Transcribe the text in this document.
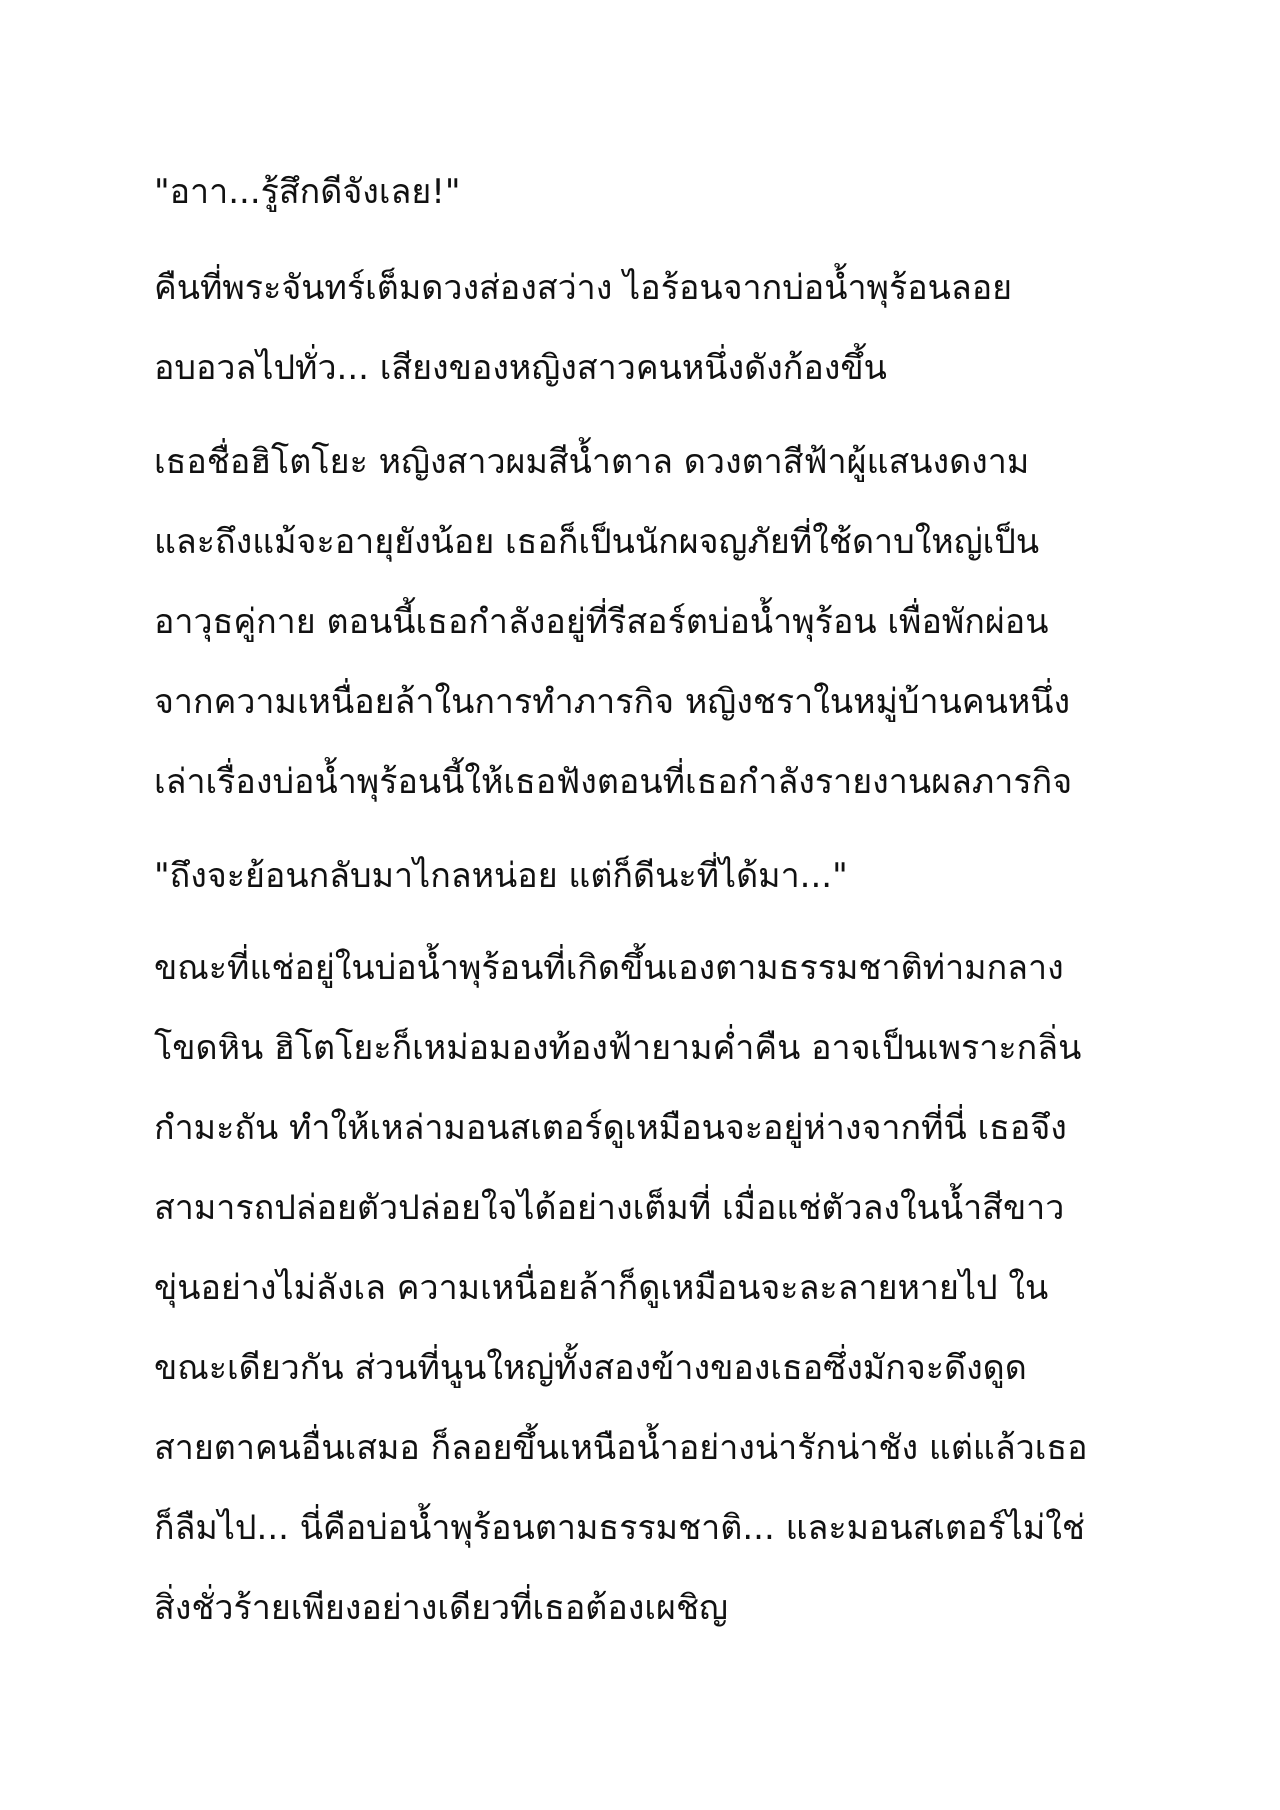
"อาา...รู้สึกดีจังเลย!"
คืนที่พระจันทร์เต็มดวงส่องสว่าง ไอร้อนจากบ่อน้ำพุร้อนลอย
อบอวลไปทั่ว... เสียงของหญิงสาวคนหนึ่งดังก้องขึ้น
เธอชื่อฮิโตโยะ หญิงสาวผมสีน้ำตาล ดวงตาสีฟ้าผู้แสนงดงาม
และถึงแม้จะอายุยังน้อย เธอก็เป็นนักผจญภัยที่ใช้ดาบใหญ่เป็น
อาวุธคู่กาย ตอนนี้เธอกำลังอยู่ที่รีสอร์ตบ่อน้ำพุร้อน เพื่อพักผ่อน
จากความเหนื่อยล้าในการทำภารกิจ หญิงชราในหมู่บ้านคนหนึ่ง
เล่าเรื่องบ่อน้ำพุร้อนนี้ให้เธอฟังตอนที่เธอกำลังรายงานผลภารกิจ
"ถึงจะย้อนกลับมาไกลหน่อย แต่ก็ดีนะที่ได้มา..."
ขณะที่แช่อยู่ในบ่อน้ำพุร้อนที่เกิดขึ้นเองตามธรรมชาติท่ามกลาง
โขดหิน ฮิโตโยะก็เหม่อมองท้องฟ้ายามค่ำคืน อาจเป็นเพราะกลิ่น
กำมะถัน ทำให้เหล่ามอนสเตอร์ดูเหมือนจะอยู่ห่างจากที่นี่ เธอจึง
สามารถปล่อยตัวปล่อยใจได้อย่างเต็มที่ เมื่อแช่ตัวลงในน้ำสีขาว
ขุ่นอย่างไม่ลังเล ความเหนื่อยล้าก็ดูเหมือนจะละลายหายไป ใน
ขณะเดียวกัน ส่วนที่นูนใหญ่ทั้งสองข้างของเธอซึ่งมักจะดึงดูด
สายตาคนอื่นเสมอ ก็ลอยขึ้นเหนือน้ำอย่างน่ารักน่าชัง แต่แล้วเธอ
ก็ลืมไป... นี่คือบ่อน้ำพุร้อนตามธรรมชาติ... และมอนสเตอร์ไม่ใช่
สิ่งชั่วร้ายเพียงอย่างเดียวที่เธอต้องเผชิญ
